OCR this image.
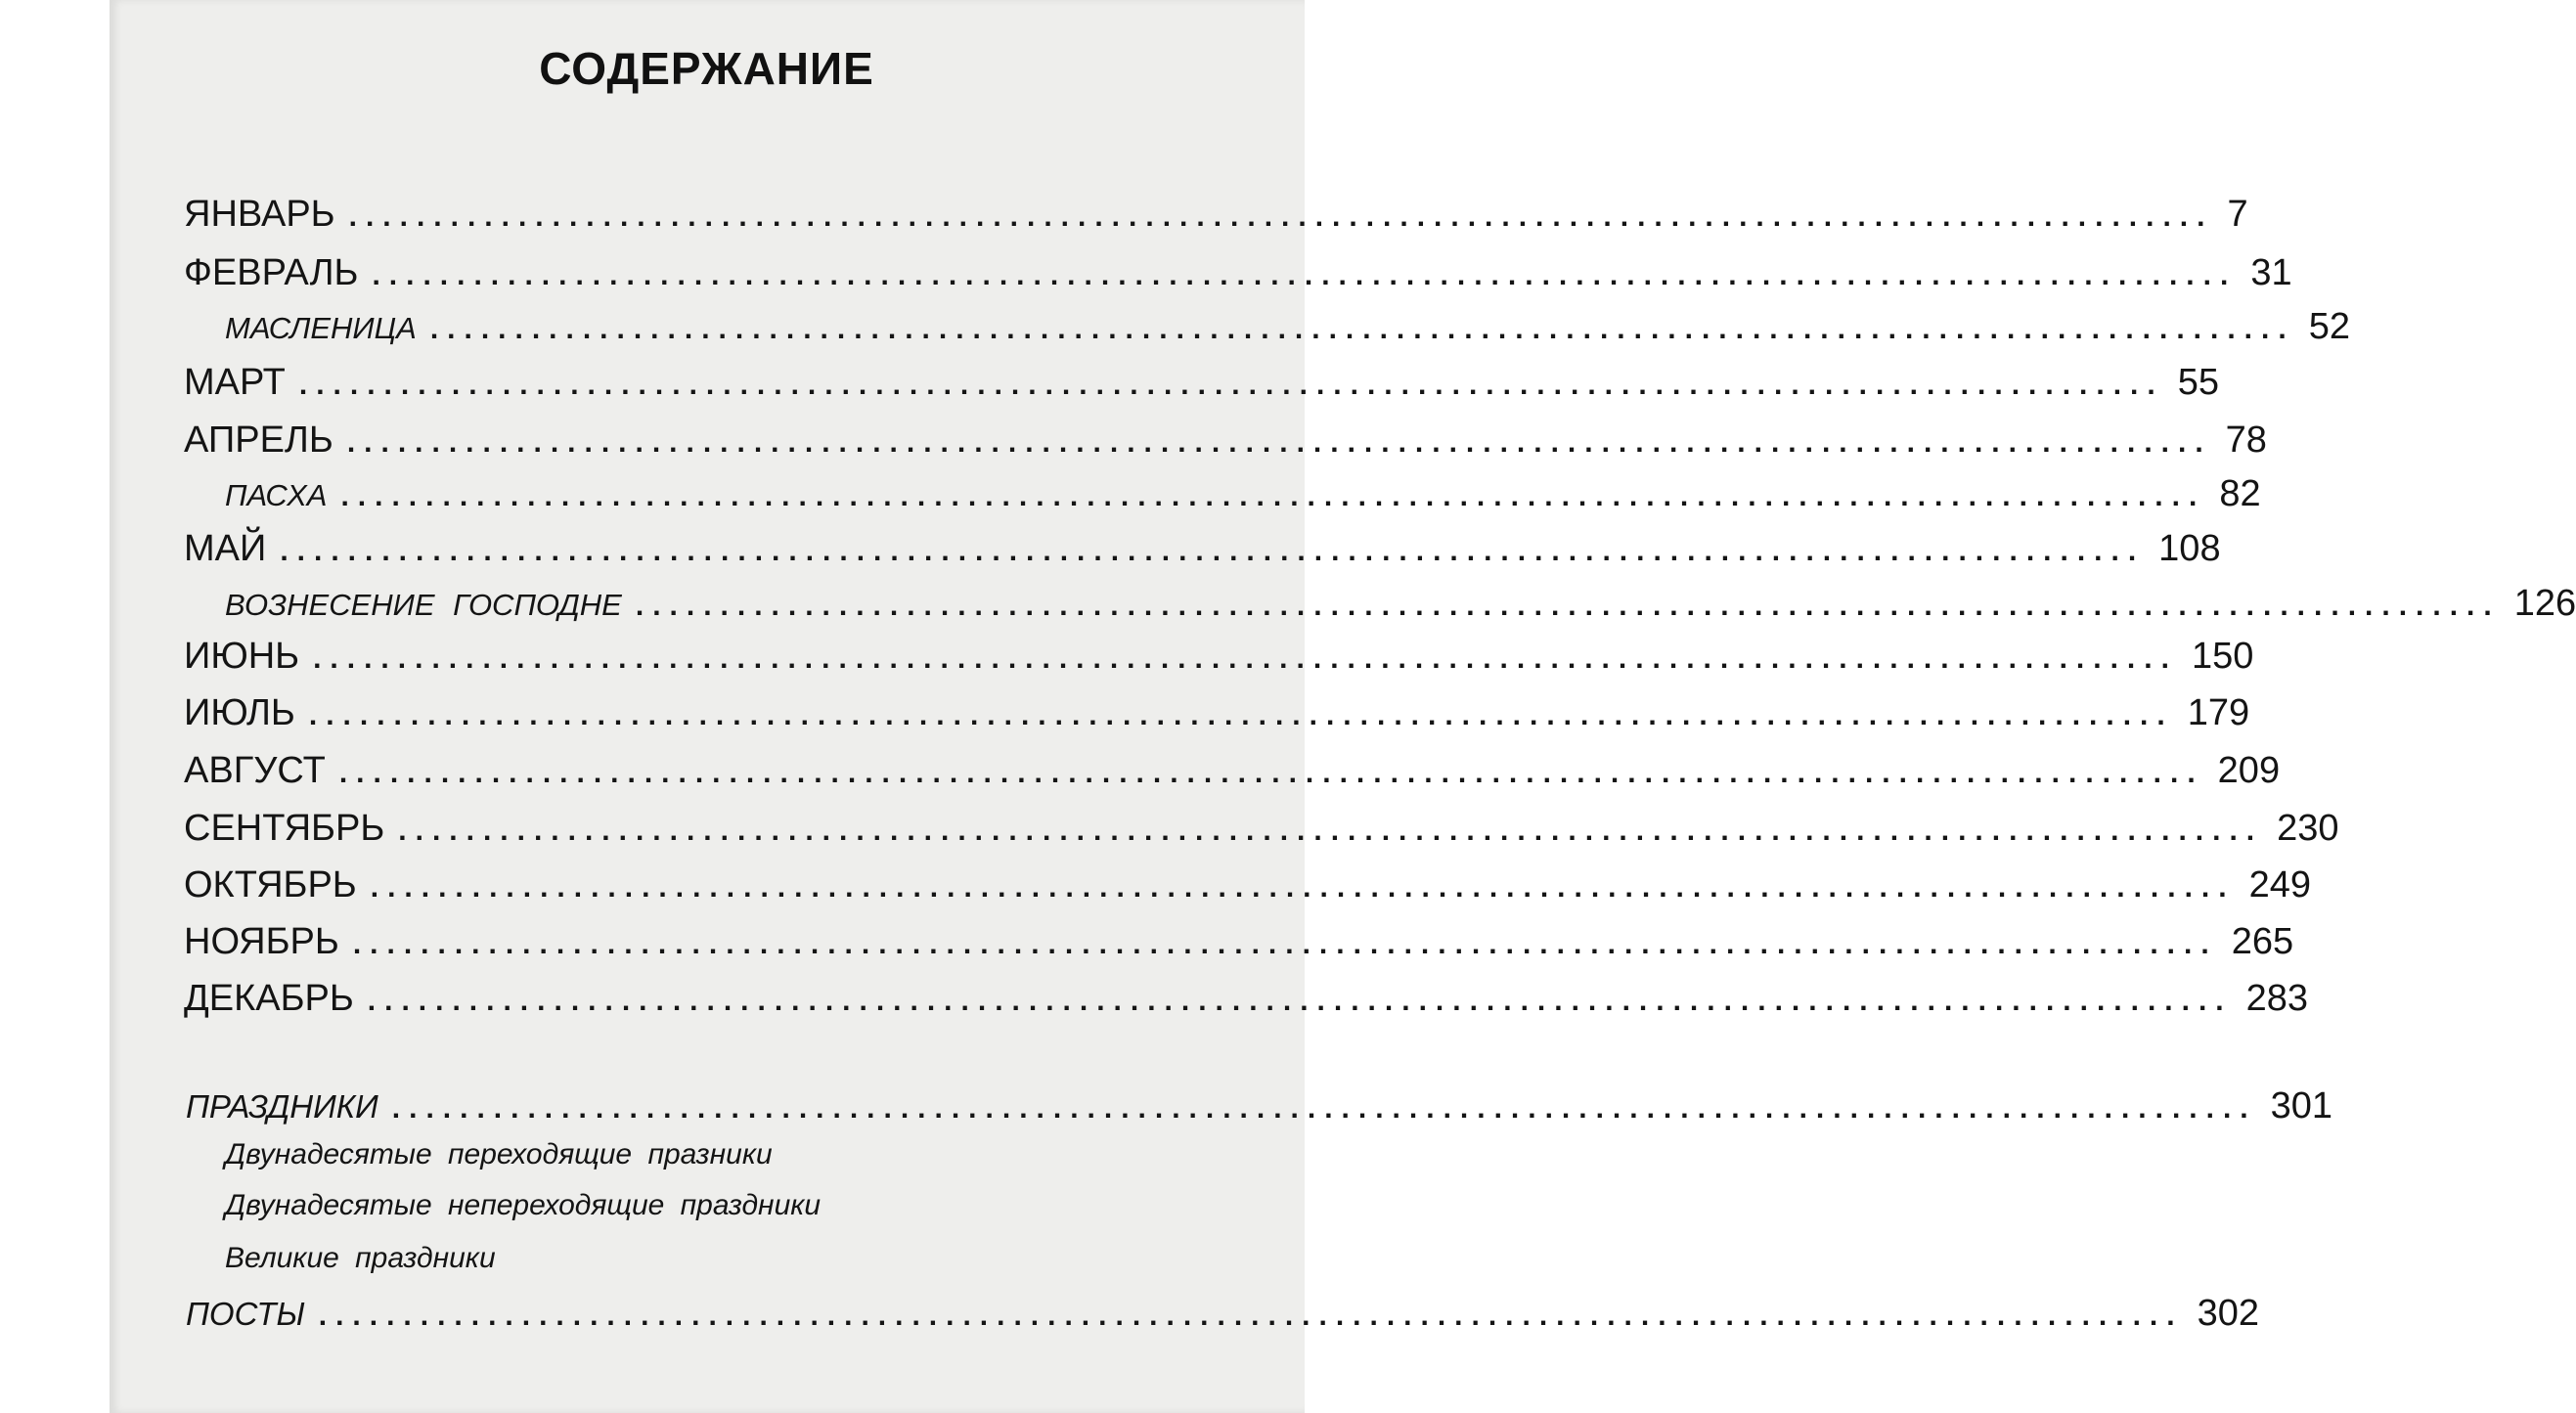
СОДЕРЖАНИЕ
ЯНВАРЬ .............................................................................................................. 7
ФЕВРАЛЬ .............................................................................................................. 31
МАСЛЕНИЦА .............................................................................................................. 52
МАРТ .............................................................................................................. 55
АПРЕЛЬ .............................................................................................................. 78
ПАСХА .............................................................................................................. 82
МАЙ .............................................................................................................. 108
ВОЗНЕСЕНИЕ ГОСПОДНЕ .............................................................................................................. 126
ИЮНЬ .............................................................................................................. 150
ИЮЛЬ .............................................................................................................. 179
АВГУСТ .............................................................................................................. 209
СЕНТЯБРЬ .............................................................................................................. 230
ОКТЯБРЬ .............................................................................................................. 249
НОЯБРЬ .............................................................................................................. 265
ДЕКАБРЬ .............................................................................................................. 283
ПРАЗДНИКИ .............................................................................................................. 301
Двунадесятые переходящие празники
Двунадесятые непереходящие праздники
Великие праздники
ПОСТЫ .............................................................................................................. 302
